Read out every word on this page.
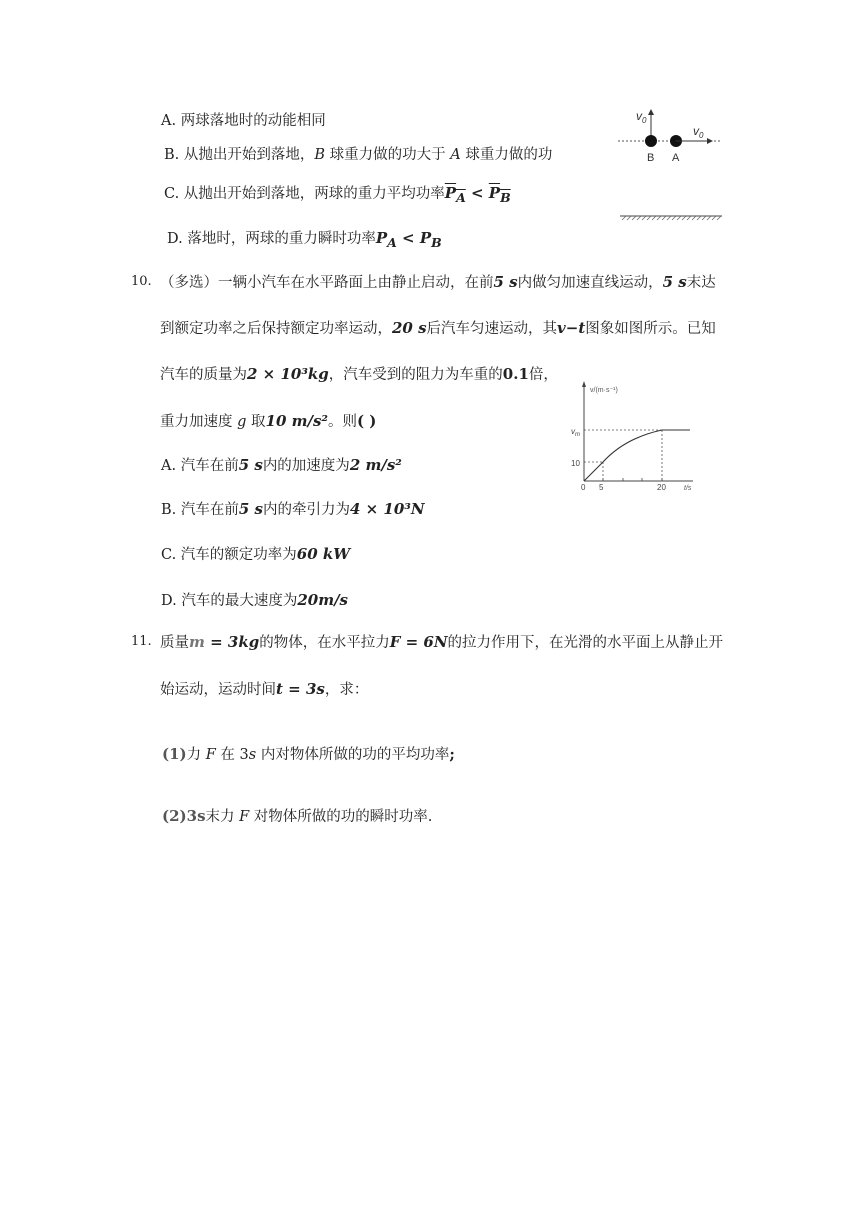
A. 两球落地时的动能相同
B. 从抛出开始到落地，B 球重力做的功大于 A 球重力做的功
C. 从抛出开始到落地，两球的重力平均功率$P_A < P_B$
D. 落地时，两球的重力瞬时功率$P_A < P_B$
$v_0$
$v_0$
B A
10. （多选）一辆小汽车在水平路面上由静止启动，在前5 s内做匀加速直线运动，5 s末达
到额定功率之后保持额定功率运动，20 s后汽车匀速运动，其v−t图象如图所示。已知
汽车的质量为2 × 10³kg，汽车受到的阻力为车重的0.1倍，
重力加速度 g 取10 m/s²。则( )
A. 汽车在前5 s内的加速度为2 m/s²
B. 汽车在前5 s内的牵引力为4 × 10³N
C. 汽车的额定功率为60 kW
D. 汽车的最大速度为20m/s
v/(m·s⁻¹)
$v_m$
10
0 5	20	t/s
11. 质量m = 3kg的物体，在水平拉力F = 6N的拉力作用下，在光滑的水平面上从静止开
始运动，运动时间t = 3s，求：
(1)力 F 在 3s 内对物体所做的功的平均功率;
(2)3s末力 F 对物体所做的功的瞬时功率.
